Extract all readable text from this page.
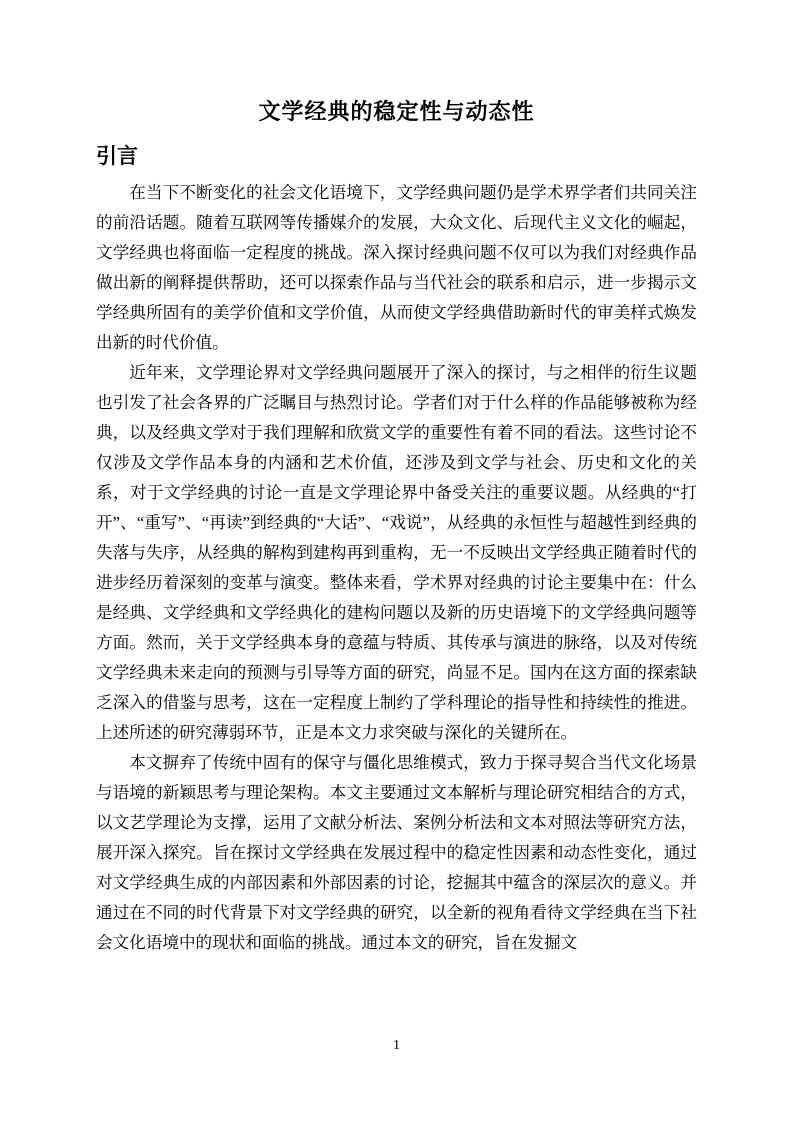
文学经典的稳定性与动态性
引言

在当下不断变化的社会文化语境下，文学经典问题仍是学术界学者们共同关注的前沿话题。随着互联网等传播媒介的发展，大众文化、后现代主义文化的崛起，文学经典也将面临一定程度的挑战。深入探讨经典问题不仅可以为我们对经典作品做出新的阐释提供帮助，还可以探索作品与当代社会的联系和启示，进一步揭示文学经典所固有的美学价值和文学价值，从而使文学经典借助新时代的审美样式焕发出新的时代价值。

近年来，文学理论界对文学经典问题展开了深入的探讨，与之相伴的衍生议题也引发了社会各界的广泛瞩目与热烈讨论。学者们对于什么样的作品能够被称为经典，以及经典文学对于我们理解和欣赏文学的重要性有着不同的看法。这些讨论不仅涉及文学作品本身的内涵和艺术价值，还涉及到文学与社会、历史和文化的关系，对于文学经典的讨论一直是文学理论界中备受关注的重要议题。从经典的“打开”、“重写”、“再读”到经典的“大话”、“戏说”，从经典的永恒性与超越性到经典的失落与失序，从经典的解构到建构再到重构，无一不反映出文学经典正随着时代的进步经历着深刻的变革与演变。整体来看，学术界对经典的讨论主要集中在：什么是经典、文学经典和文学经典化的建构问题以及新的历史语境下的文学经典问题等方面。然而，关于文学经典本身的意蕴与特质、其传承与演进的脉络，以及对传统文学经典未来走向的预测与引导等方面的研究，尚显不足。国内在这方面的探索缺乏深入的借鉴与思考，这在一定程度上制约了学科理论的指导性和持续性的推进。上述所述的研究薄弱环节，正是本文力求突破与深化的关键所在。

本文摒弃了传统中固有的保守与僵化思维模式，致力于探寻契合当代文化场景与语境的新颖思考与理论架构。本文主要通过文本解析与理论研究相结合的方式，以文艺学理论为支撑，运用了文献分析法、案例分析法和文本对照法等研究方法，展开深入探究。旨在探讨文学经典在发展过程中的稳定性因素和动态性变化，通过对文学经典生成的内部因素和外部因素的讨论，挖掘其中蕴含的深层次的意义。并通过在不同的时代背景下对文学经典的研究，以全新的视角看待文学经典在当下社会文化语境中的现状和面临的挑战。通过本文的研究，旨在发掘文

1
